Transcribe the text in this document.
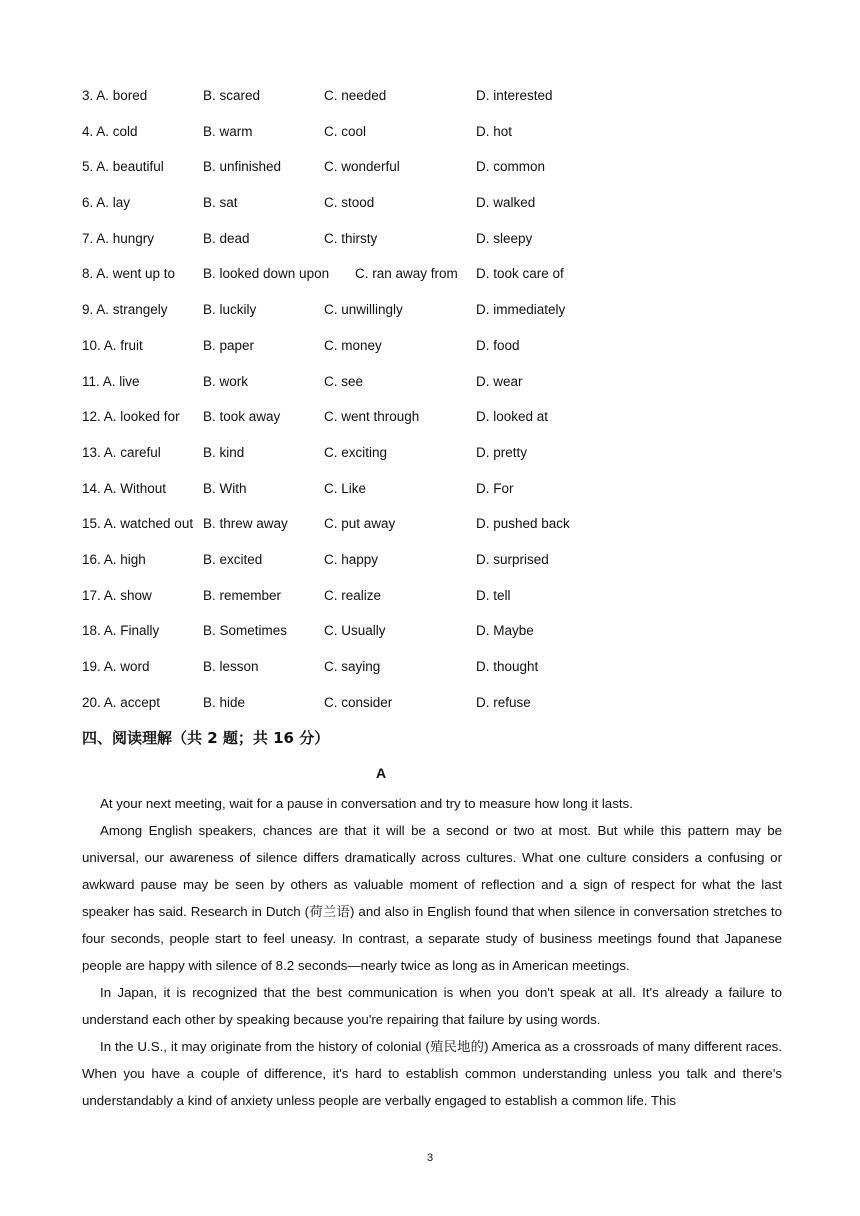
3. A. bored	B. scared	C. needed	D. interested
4. A. cold	B. warm	C. cool	D. hot
5. A. beautiful	B. unfinished	C. wonderful	D. common
6. A. lay	B. sat	C. stood	D. walked
7. A. hungry	B. dead	C. thirsty	D. sleepy
8. A. went up to B. looked down upon C. ran away from D. took care of
9. A. strangely	B. luckily	C. unwillingly	D. immediately
10. A. fruit	B. paper	C. money	D. food
11. A. live	B. work	C. see	D. wear
12. A. looked for B. took away	C. went through	D. looked at
13. A. careful	B. kind	C. exciting	D. pretty
14. A. Without	B. With	C. Like	D. For
15. A. watched out B. threw away	C. put away	D. pushed back
16. A. high	B. excited	C. happy	D. surprised
17. A. show	B. remember	C. realize	D. tell
18. A. Finally	B. Sometimes	C. Usually	D. Maybe
19. A. word	B. lesson	C. saying	D. thought
20. A. accept	B. hide	C. consider	D. refuse
四、阅读理解（共 2 题；共 16 分）
A

At your next meeting, wait for a pause in conversation and try to measure how long it lasts.

Among English speakers, chances are that it will be a second or two at most. But while this pattern may be universal, our awareness of silence differs dramatically across cultures. What one culture considers a confusing or awkward pause may be seen by others as valuable moment of reflection and a sign of respect for what the last speaker has said. Research in Dutch (荷兰语) and also in English found that when silence in conversation stretches to four seconds, people start to feel uneasy. In contrast, a separate study of business meetings found that Japanese people are happy with silence of 8.2 seconds—nearly twice as long as in American meetings.

In Japan, it is recognized that the best communication is when you don't speak at all. It's already a failure to understand each other by speaking because you're repairing that failure by using words.

In the U.S., it may originate from the history of colonial (殖民地的) America as a crossroads of many different races. When you have a couple of difference, it's hard to establish common understanding unless you talk and there's understandably a kind of anxiety unless people are verbally engaged to establish a common life. This

3
